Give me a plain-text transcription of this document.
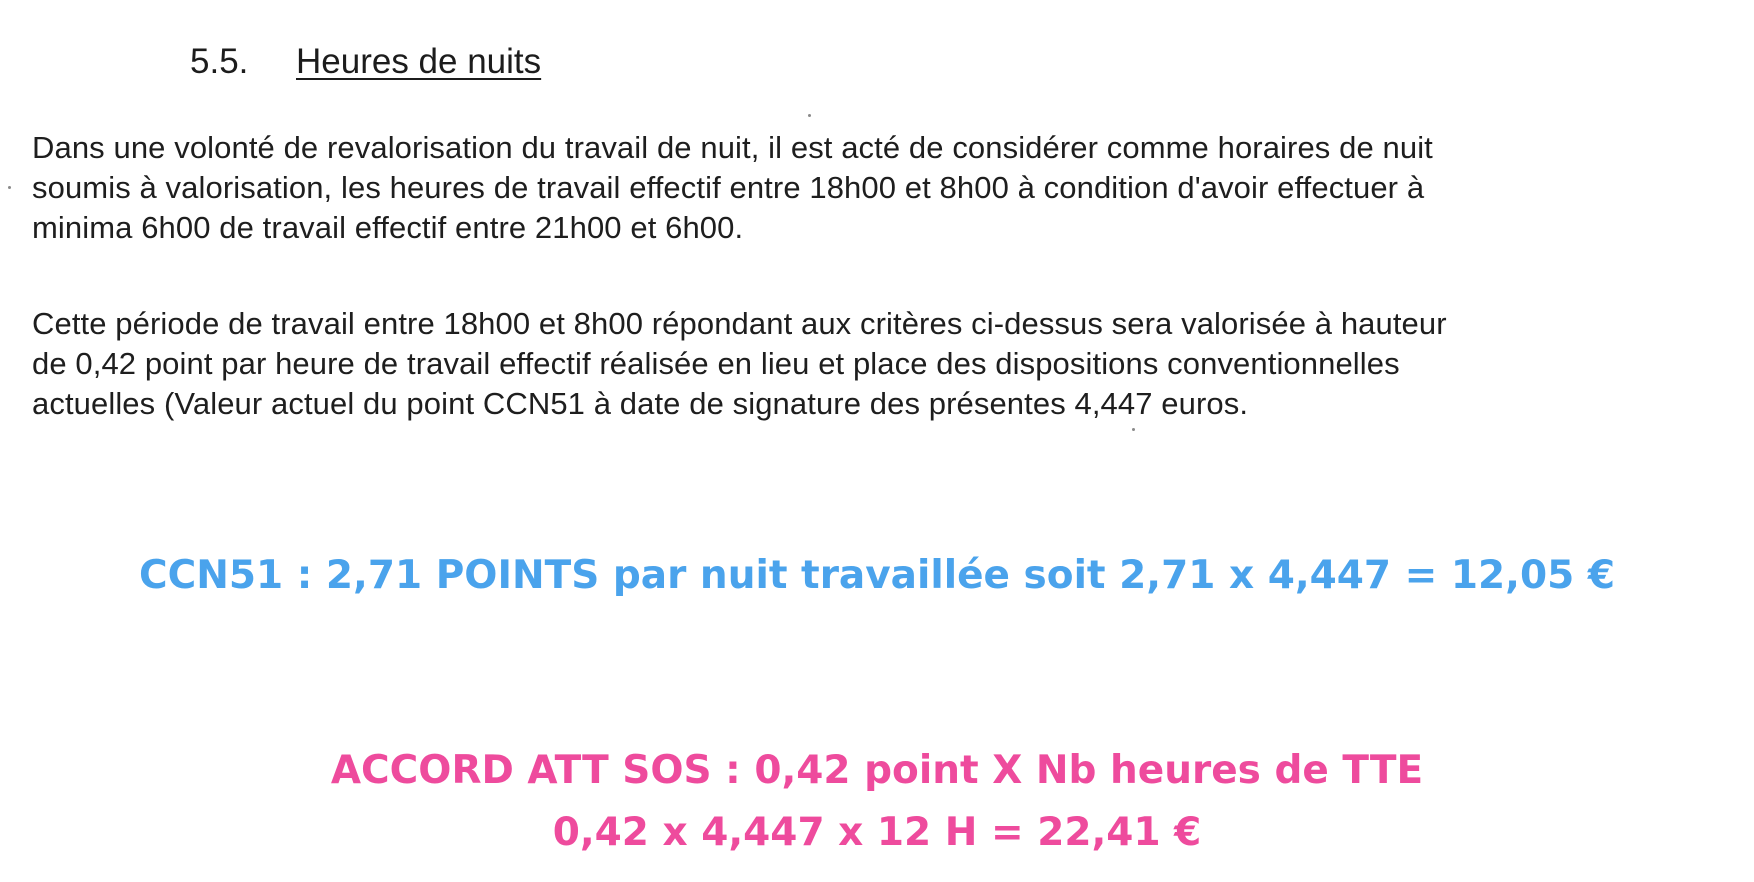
5.5. Heures de nuits
Dans une volonté de revalorisation du travail de nuit, il est acté de considérer comme horaires de nuit
soumis à valorisation, les heures de travail effectif entre 18h00 et 8h00 à condition d'avoir effectuer à
minima 6h00 de travail effectif entre 21h00 et 6h00.
Cette période de travail entre 18h00 et 8h00 répondant aux critères ci-dessus sera valorisée à hauteur
de 0,42 point par heure de travail effectif réalisée en lieu et place des dispositions conventionnelles
actuelles (Valeur actuel du point CCN51 à date de signature des présentes 4,447 euros.
CCN51 : 2,71 POINTS par nuit travaillée soit 2,71 x 4,447 = 12,05 €
ACCORD ATT SOS : 0,42 point X Nb heures de TTE
0,42 x 4,447 x 12 H = 22,41 €
